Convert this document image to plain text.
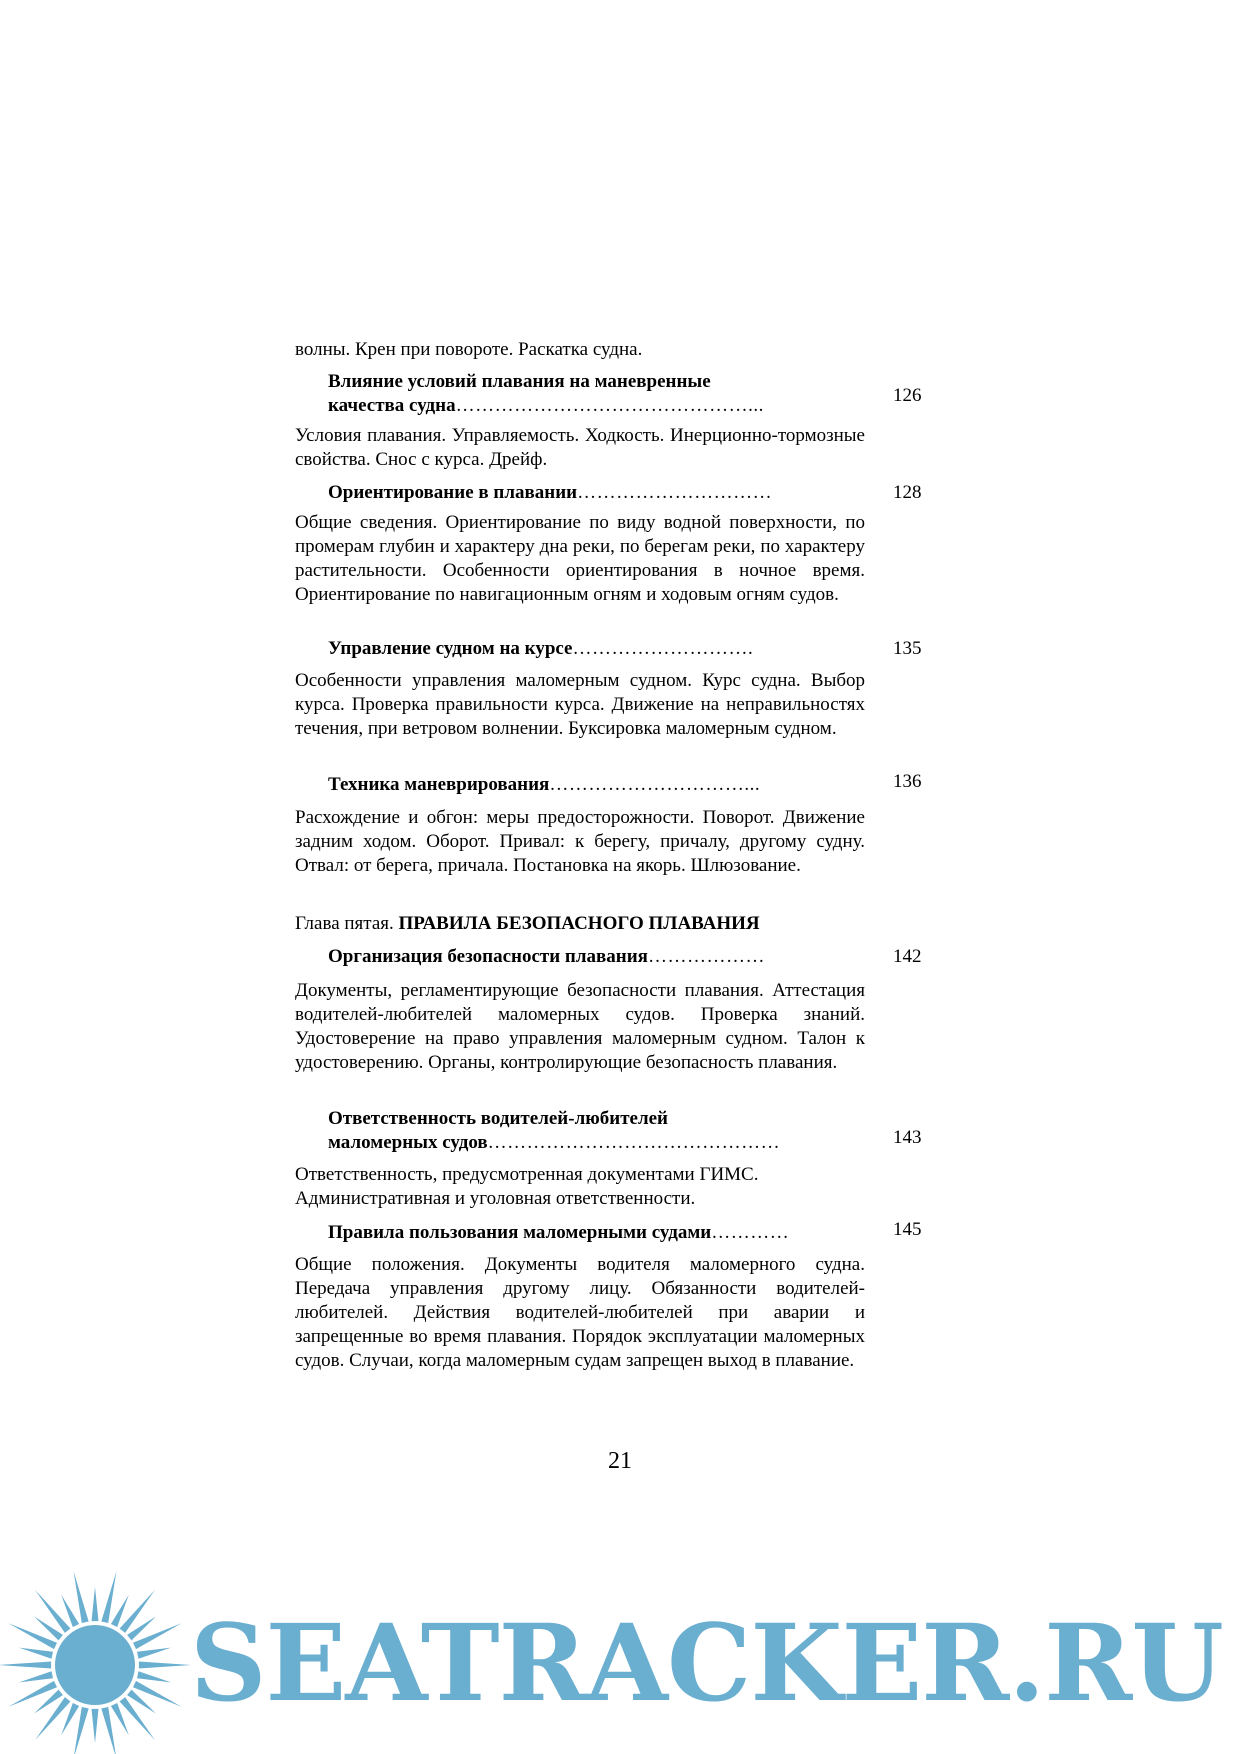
волны. Крен при повороте. Раскатка судна.
Влияние условий плавания на маневренные
качества судна………………………………………...	126
Условия плавания. Управляемость. Ходкость. Инерционно-тормозные свойства. Снос с курса. Дрейф.
Ориентирование в плавании…………………………	128
Общие сведения. Ориентирование по виду водной поверхности, по промерам глубин и характеру дна реки, по берегам реки, по характеру растительности. Особенности ориентирования в ночное время. Ориентирование по навигационным огням и ходовым огням судов.
Управление судном на курсе……………………….	135
Особенности управления маломерным судном. Курс судна. Выбор курса. Проверка правильности курса. Движение на неправильностях течения, при ветровом волнении. Буксировка маломерным судном.
Техника маневрирования…………………………...	136
Расхождение и обгон: меры предосторожности. Поворот. Движение задним ходом. Оборот. Привал: к берегу, причалу, другому судну. Отвал: от берега, причала. Постановка на якорь. Шлюзование.
Глава пятая. ПРАВИЛА БЕЗОПАСНОГО ПЛАВАНИЯ
Организация безопасности плавания………………	142
Документы, регламентирующие безопасности плавания. Аттестация водителей-любителей маломерных судов. Проверка знаний. Удостоверение на право управления маломерным судном. Талон к удостоверению. Органы, контролирующие безопасность плавания.
Ответственность водителей-любителей
маломерных судов………………………………………	143
Ответственность, предусмотренная документами ГИМС.
Административная и уголовная ответственности.
Правила пользования маломерными судами…………	145
Общие положения. Документы водителя маломерного судна. Передача управления другому лицу. Обязанности водителей-любителей. Действия водителей-любителей при аварии и запрещенные во время плавания. Порядок эксплуатации маломерных судов. Случаи, когда маломерным судам запрещен выход в плавание.
21
SEATRACKER.RU
